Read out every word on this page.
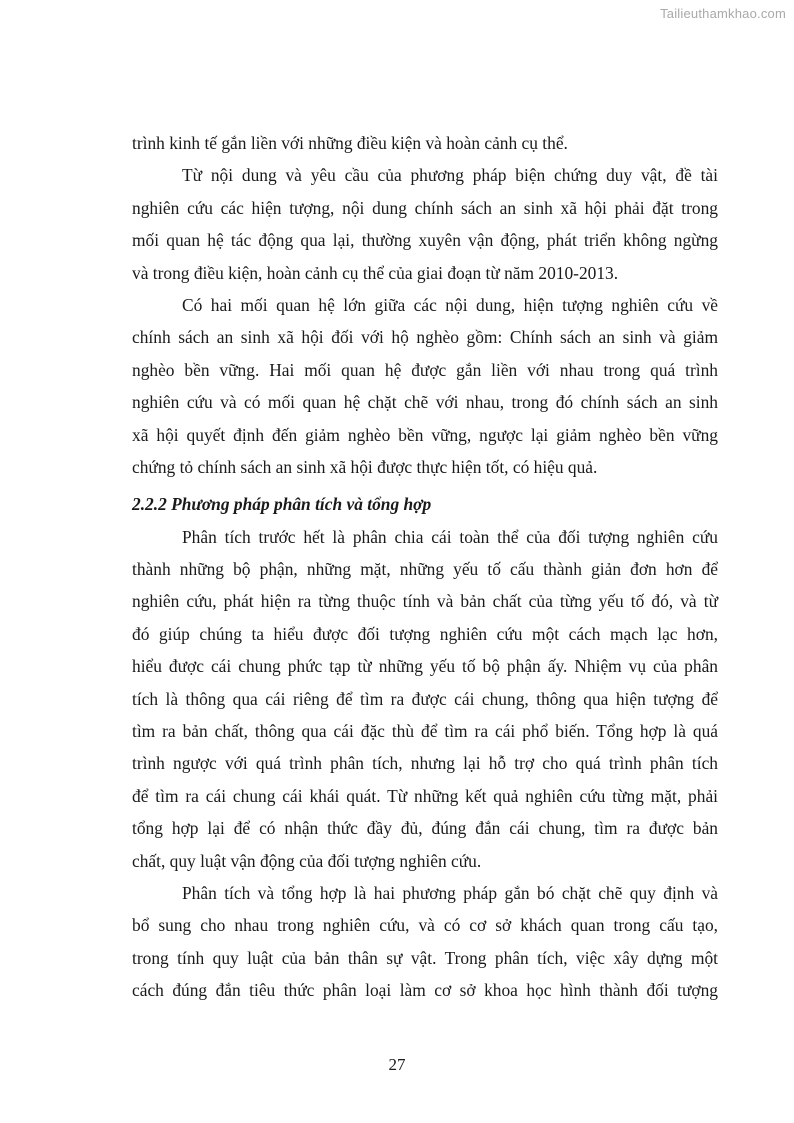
Tailieuthamkhao.com
trình kinh tế gắn liền với những điều kiện và hoàn cảnh cụ thể.
Từ nội dung và yêu cầu của phương pháp biện chứng duy vật, đề tài
nghiên cứu các hiện tượng, nội dung chính sách an sinh xã hội phải đặt trong
mối quan hệ tác động qua lại, thường xuyên vận động, phát triển không ngừng
và trong điều kiện, hoàn cảnh cụ thể của giai đoạn từ năm 2010-2013.
Có hai mối quan hệ lớn giữa các nội dung, hiện tượng nghiên cứu về
chính sách an sinh xã hội đối với hộ nghèo gồm: Chính sách an sinh và giảm
nghèo bền vững. Hai mối quan hệ được gắn liền với nhau trong quá trình
nghiên cứu và có mối quan hệ chặt chẽ với nhau, trong đó chính sách an sinh
xã hội quyết định đến giảm nghèo bền vững, ngược lại giảm nghèo bền vững
chứng tỏ chính sách an sinh xã hội được thực hiện tốt, có hiệu quả.
2.2.2 Phương pháp phân tích và tổng hợp
Phân tích trước hết là phân chia cái toàn thể của đối tượng nghiên cứu
thành những bộ phận, những mặt, những yếu tố cấu thành giản đơn hơn để
nghiên cứu, phát hiện ra từng thuộc tính và bản chất của từng yếu tố đó, và từ
đó giúp chúng ta hiểu được đối tượng nghiên cứu một cách mạch lạc hơn,
hiểu được cái chung phức tạp từ những yếu tố bộ phận ấy. Nhiệm vụ của phân
tích là thông qua cái riêng để tìm ra được cái chung, thông qua hiện tượng để
tìm ra bản chất, thông qua cái đặc thù để tìm ra cái phổ biến. Tổng hợp là quá
trình ngược với quá trình phân tích, nhưng lại hỗ trợ cho quá trình phân tích
để tìm ra cái chung cái khái quát. Từ những kết quả nghiên cứu từng mặt, phải
tổng hợp lại để có nhận thức đầy đủ, đúng đắn cái chung, tìm ra được bản
chất, quy luật vận động của đối tượng nghiên cứu.
Phân tích và tổng hợp là hai phương pháp gắn bó chặt chẽ quy định và
bổ sung cho nhau trong nghiên cứu, và có cơ sở khách quan trong cấu tạo,
trong tính quy luật của bản thân sự vật. Trong phân tích, việc xây dựng một
cách đúng đắn tiêu thức phân loại làm cơ sở khoa học hình thành đối tượng
27
